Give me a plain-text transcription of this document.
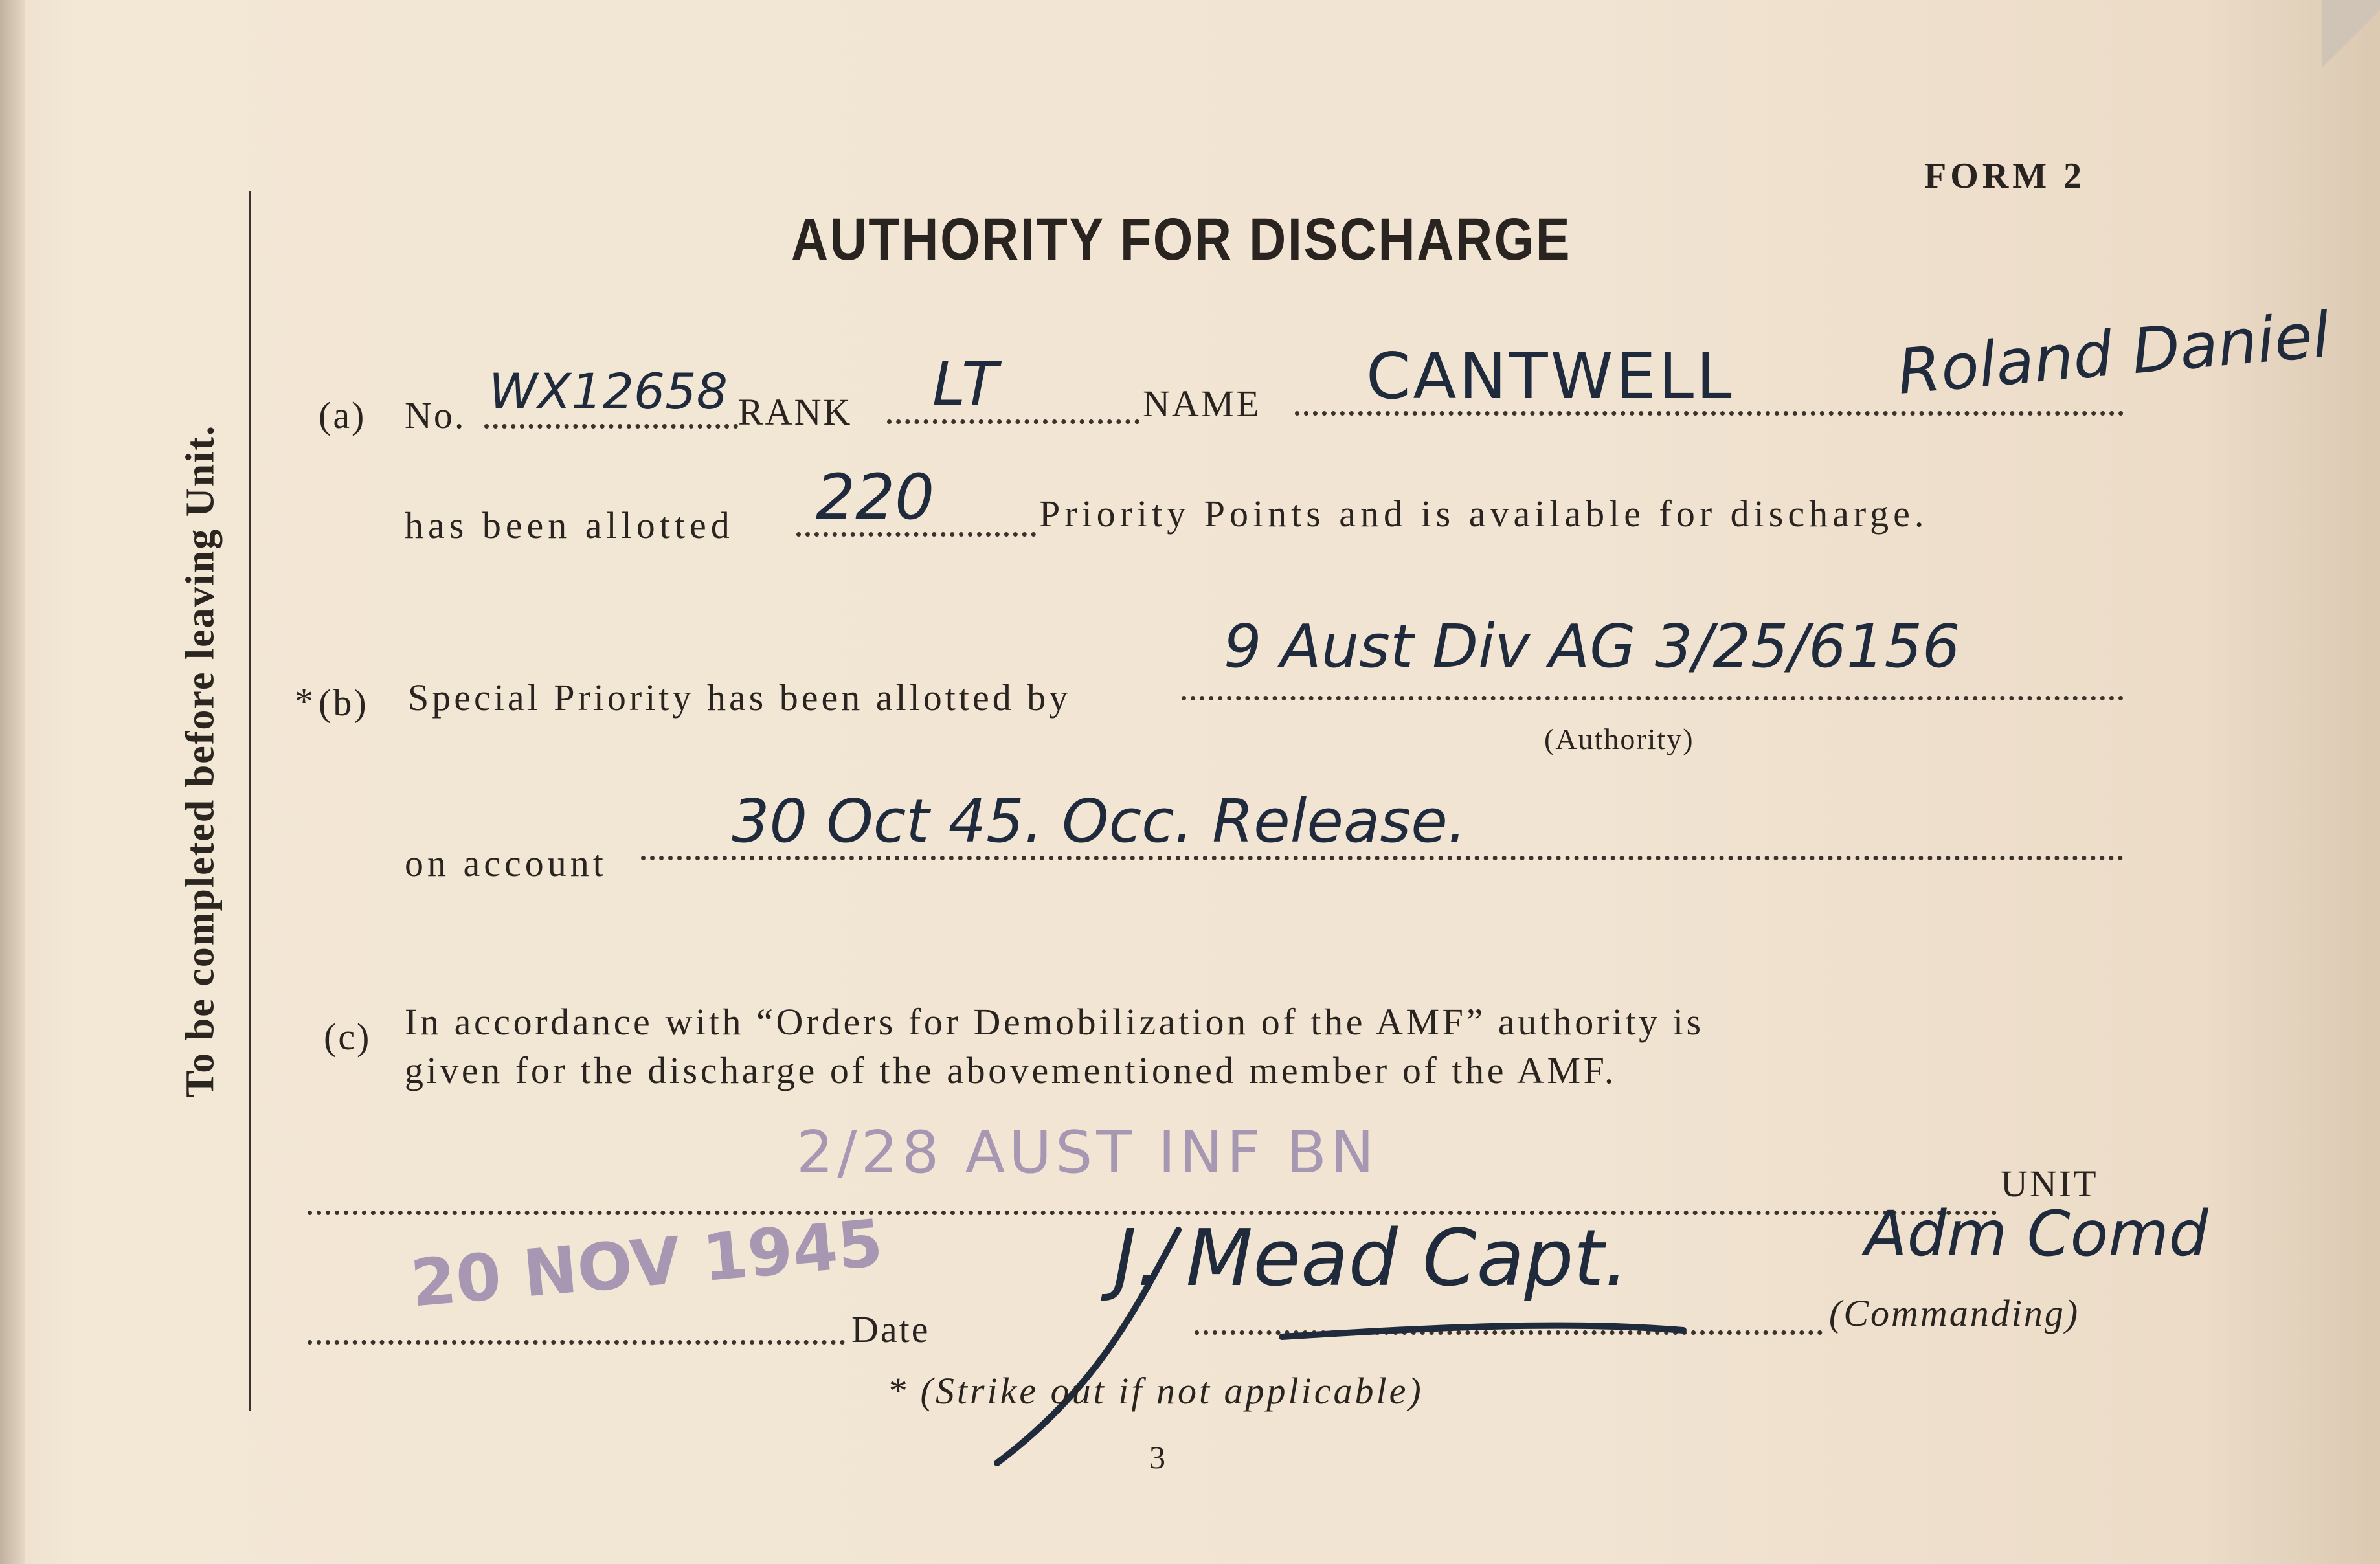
To be completed before leaving Unit.
FORM 2
AUTHORITY FOR DISCHARGE
(a) No. WX12658 RANK LT	NAME CANTWELL	Roland Daniel
has been allotted 220	Priority Points and is available for discharge.
* (b) Special Priority has been allotted by
9 Aust Div AG 3/25/6156
(Authority)
on account
30 Oct 45. Occ. Release.
(c) In accordance with “Orders for Demobilization of the AMF” authority is
given for the discharge of the abovementioned member of the AMF.
2/28 AUST INF BN	UNIT
20 NOV 1945
Date
J. Mead Capt.	Adm Comd
(Commanding)
* (Strike out if not applicable)
3
